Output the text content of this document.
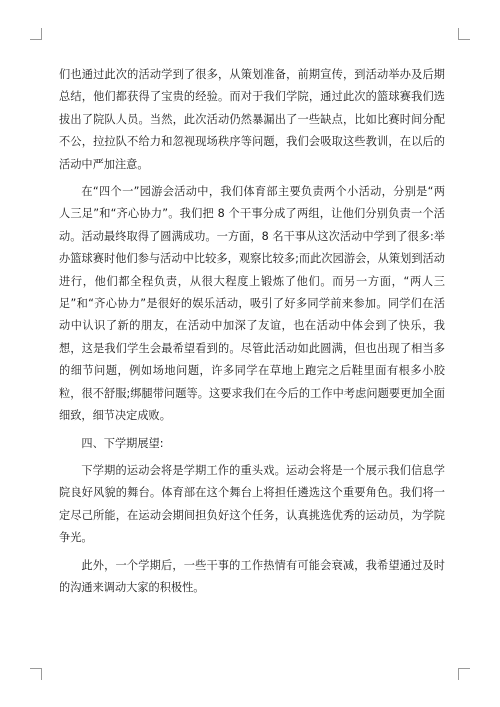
们也通过此次的活动学到了很多，从策划准备，前期宣传，到活动举办及后期总结，他们都获得了宝贵的经验。而对于我们学院，通过此次的篮球赛我们选拔出了院队人员。当然，此次活动仍然暴漏出了一些缺点，比如比赛时间分配不公，拉拉队不给力和忽视现场秩序等问题，我们会吸取这些教训，在以后的活动中严加注意。

在“四个一”园游会活动中，我们体育部主要负责两个小活动，分别是“两人三足”和“齐心协力”。我们把 8 个干事分成了两组，让他们分别负责一个活动。活动最终取得了圆满成功。一方面，8 名干事从这次活动中学到了很多:举办篮球赛时他们参与活动中比较多，观察比较多;而此次园游会，从策划到活动进行，他们都全程负责，从很大程度上锻炼了他们。而另一方面，“两人三足”和“齐心协力”是很好的娱乐活动，吸引了好多同学前来参加。同学们在活动中认识了新的朋友，在活动中加深了友谊，也在活动中体会到了快乐，我想，这是我们学生会最希望看到的。尽管此活动如此圆满，但也出现了相当多的细节问题，例如场地问题，许多同学在草地上跑完之后鞋里面有根多小胶粒，很不舒服;绑腿带问题等。这要求我们在今后的工作中考虑问题要更加全面细致，细节决定成败。

四、下学期展望:

下学期的运动会将是学期工作的重头戏。运动会将是一个展示我们信息学院良好风貌的舞台。体育部在这个舞台上将担任遴选这个重要角色。我们将一定尽己所能，在运动会期间担负好这个任务，认真挑选优秀的运动员，为学院争光。

此外，一个学期后，一些干事的工作热情有可能会衰减，我希望通过及时的沟通来调动大家的积极性。
